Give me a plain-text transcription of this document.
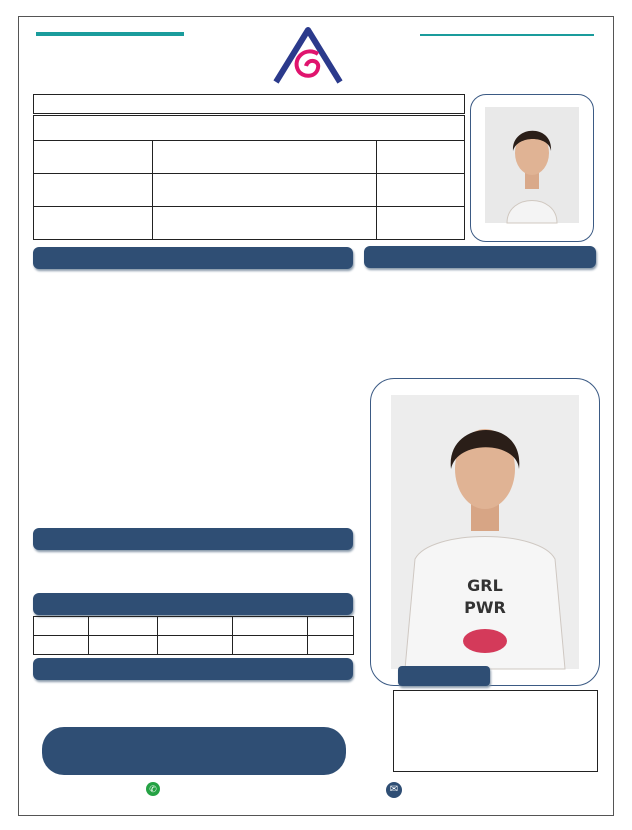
GRL
PWR

✆	✉
